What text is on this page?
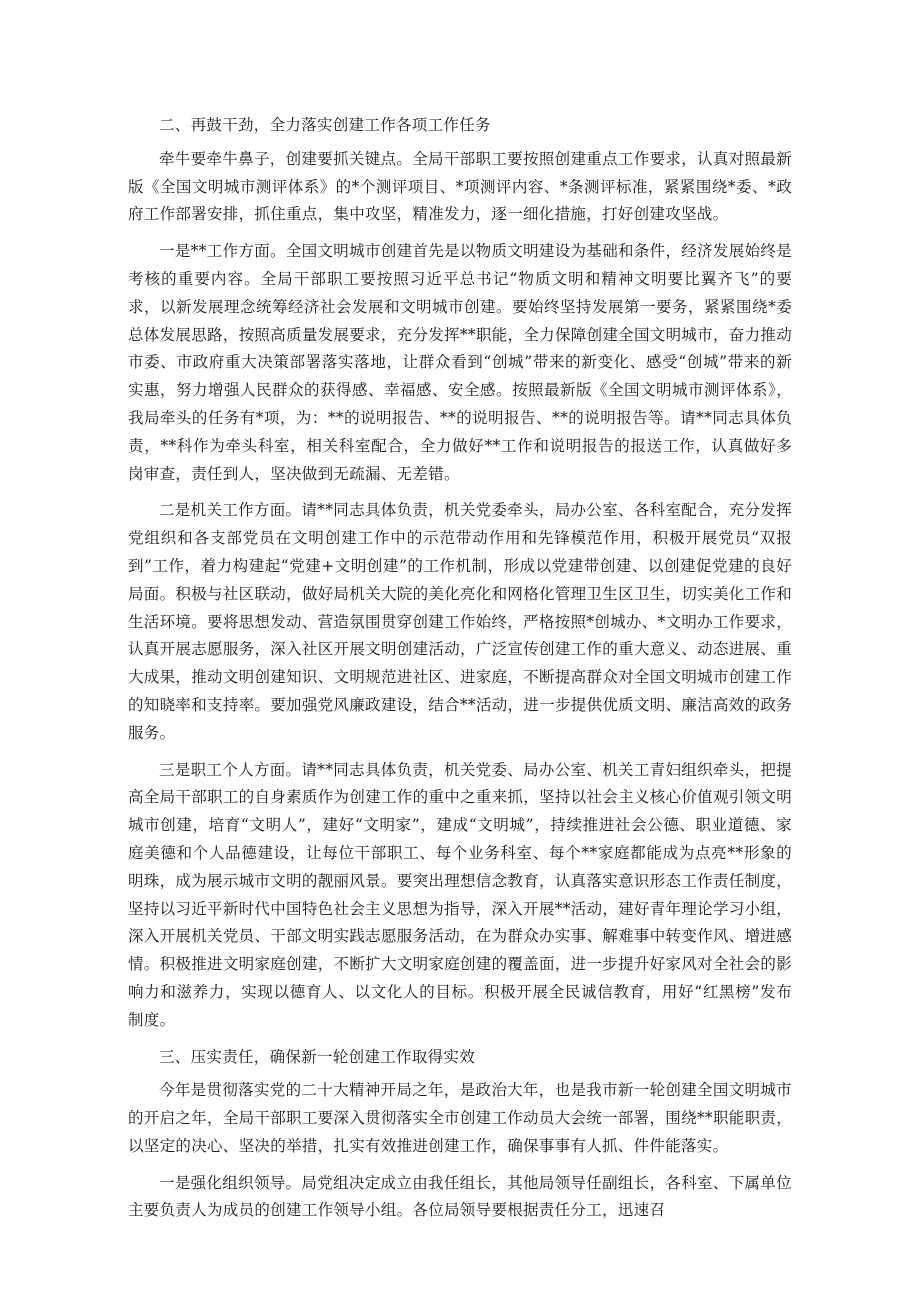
二、再鼓干劲，全力落实创建工作各项工作任务

牵牛要牵牛鼻子，创建要抓关键点。全局干部职工要按照创建重点工作要求，认真对照最新版《全国文明城市测评体系》的*个测评项目、*项测评内容、*条测评标准，紧紧围绕*委、*政府工作部署安排，抓住重点，集中攻坚，精准发力，逐一细化措施，打好创建攻坚战。

一是**工作方面。全国文明城市创建首先是以物质文明建设为基础和条件，经济发展始终是考核的重要内容。全局干部职工要按照习近平总书记“物质文明和精神文明要比翼齐飞”的要求，以新发展理念统筹经济社会发展和文明城市创建。要始终坚持发展第一要务，紧紧围绕*委总体发展思路，按照高质量发展要求，充分发挥**职能，全力保障创建全国文明城市，奋力推动市委、市政府重大决策部署落实落地，让群众看到“创城”带来的新变化、感受“创城”带来的新实惠，努力增强人民群众的获得感、幸福感、安全感。按照最新版《全国文明城市测评体系》，我局牵头的任务有*项，为：**的说明报告、**的说明报告、**的说明报告等。请**同志具体负责，**科作为牵头科室，相关科室配合，全力做好**工作和说明报告的报送工作，认真做好多岗审查，责任到人，坚决做到无疏漏、无差错。

二是机关工作方面。请**同志具体负责，机关党委牵头，局办公室、各科室配合，充分发挥党组织和各支部党员在文明创建工作中的示范带动作用和先锋模范作用，积极开展党员“双报到”工作，着力构建起“党建+文明创建”的工作机制，形成以党建带创建、以创建促党建的良好局面。积极与社区联动，做好局机关大院的美化亮化和网格化管理卫生区卫生，切实美化工作和生活环境。要将思想发动、营造氛围贯穿创建工作始终，严格按照*创城办、*文明办工作要求，认真开展志愿服务，深入社区开展文明创建活动，广泛宣传创建工作的重大意义、动态进展、重大成果，推动文明创建知识、文明规范进社区、进家庭，不断提高群众对全国文明城市创建工作的知晓率和支持率。要加强党风廉政建设，结合**活动，进一步提供优质文明、廉洁高效的政务服务。

三是职工个人方面。请**同志具体负责，机关党委、局办公室、机关工青妇组织牵头，把提高全局干部职工的自身素质作为创建工作的重中之重来抓，坚持以社会主义核心价值观引领文明城市创建，培育“文明人”，建好“文明家”，建成“文明城”，持续推进社会公德、职业道德、家庭美德和个人品德建设，让每位干部职工、每个业务科室、每个**家庭都能成为点亮**形象的明珠，成为展示城市文明的靓丽风景。要突出理想信念教育，认真落实意识形态工作责任制度，坚持以习近平新时代中国特色社会主义思想为指导，深入开展**活动，建好青年理论学习小组，深入开展机关党员、干部文明实践志愿服务活动，在为群众办实事、解难事中转变作风、增进感情。积极推进文明家庭创建，不断扩大文明家庭创建的覆盖面，进一步提升好家风对全社会的影响力和滋养力，实现以德育人、以文化人的目标。积极开展全民诚信教育，用好“红黑榜”发布制度。

三、压实责任，确保新一轮创建工作取得实效

今年是贯彻落实党的二十大精神开局之年，是政治大年，也是我市新一轮创建全国文明城市的开启之年，全局干部职工要深入贯彻落实全市创建工作动员大会统一部署，围绕**职能职责，以坚定的决心、坚决的举措，扎实有效推进创建工作，确保事事有人抓、件件能落实。

一是强化组织领导。局党组决定成立由我任组长，其他局领导任副组长，各科室、下属单位主要负责人为成员的创建工作领导小组。各位局领导要根据责任分工，迅速召
